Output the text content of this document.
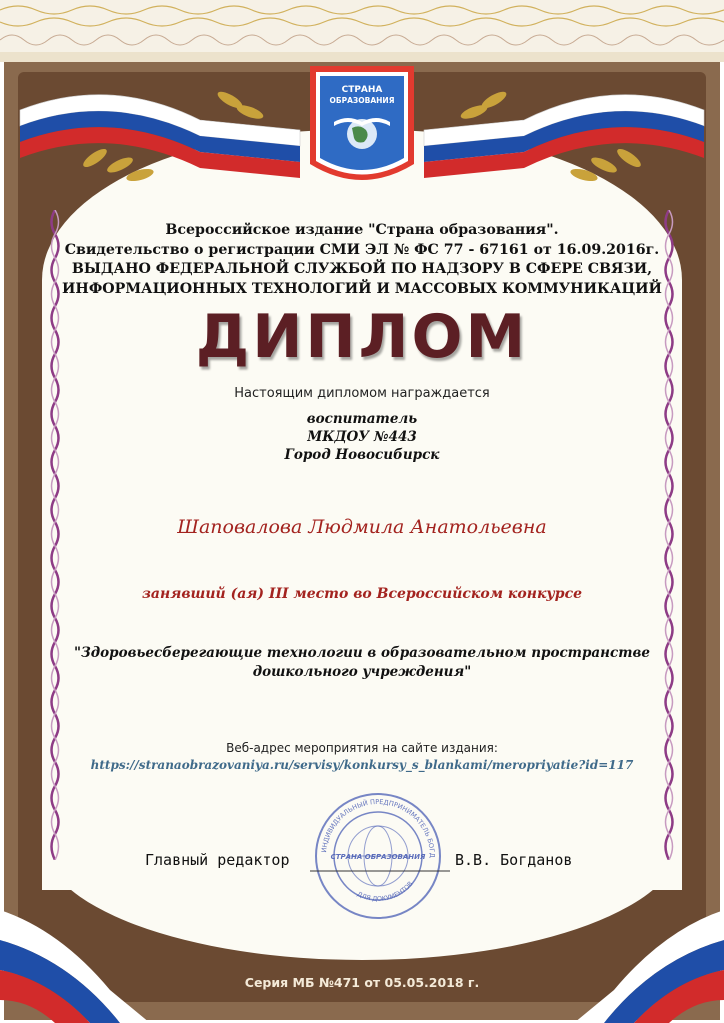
СТРАНА
ОБРАЗОВАНИЯ
Всероссийское издание "Страна образования".
Свидетельство о регистрации СМИ ЭЛ № ФС 77 - 67161 от 16.09.2016г.
ВЫДАНО ФЕДЕРАЛЬНОЙ СЛУЖБОЙ ПО НАДЗОРУ В СФЕРЕ СВЯЗИ,
ИНФОРМАЦИОННЫХ ТЕХНОЛОГИЙ И МАССОВЫХ КОММУНИКАЦИЙ
ДИПЛОМ
Настоящим дипломом награждается
воспитатель
МКДОУ №443
Город Новосибирск
Шаповалова Людмила Анатольевна
занявший (ая) III место во Всероссийском конкурсе
"Здоровьесберегающие технологии в образовательном пространстве
дошкольного учреждения"
Веб-адрес мероприятия на сайте издания:
https://stranaobrazovaniya.ru/servisy/konkursy_s_blankami/meropriyatie?id=117
ИНДИВИДУАЛЬНЫЙ ПРЕДПРИНИМАТЕЛЬ БОГД
СТРАНА ОБРАЗОВАНИЯ
ДЛЯ ДОКУМЕНТОВ
Главный редактор	В.В. Богданов
Серия МБ №471 от 05.05.2018 г.
